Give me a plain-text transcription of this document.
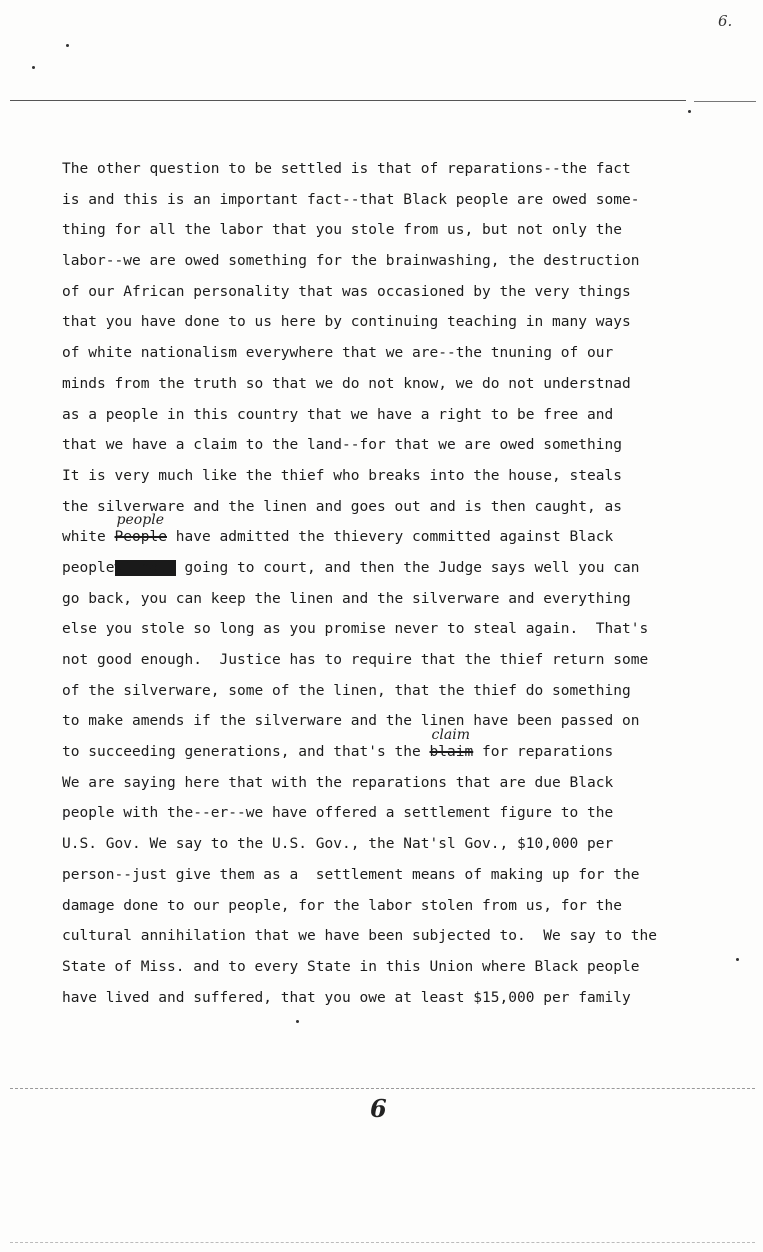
6.
The other question to be settled is that of reparations--the fact
is and this is an important fact--that Black people are owed some-
thing for all the labor that you stole from us, but not only the
labor--we are owed something for the brainwashing, the destruction
of our African personality that was occasioned by the very things
that you have done to us here by continuing teaching in many ways
of white nationalism everywhere that we are--the tnuning of our
minds from the truth so that we do not know, we do not understnad
as a people in this country that we have a right to be free and
that we have a claim to the land--for that we are owed something
It is very much like the thief who breaks into the house, steals
the silverware and the linen and goes out and is then caught, as
white
people
People have admitted the thievery committed against Black
peoplewithout going to court, and then the Judge says well you can
go back, you can keep the linen and the silverware and everything
else you stole so long as you promise never to steal again.  That's
not good enough.  Justice has to require that the thief return some
of the silverware, some of the linen, that the thief do something
to make amends if the silverware and the linen have been passed on
to succeeding generations, and that's the
claim
blaim for reparations
We are saying here that with the reparations that are due Black
people with the--er--we have offered a settlement figure to the
U.S. Gov. We say to the U.S. Gov., the Nat'sl Gov., $10,000 per
person--just give them as a  settlement means of making up for the
damage done to our people, for the labor stolen from us, for the
cultural annihilation that we have been subjected to.  We say to the
State of Miss. and to every State in this Union where Black people
have lived and suffered, that you owe at least $15,000 per family
6
